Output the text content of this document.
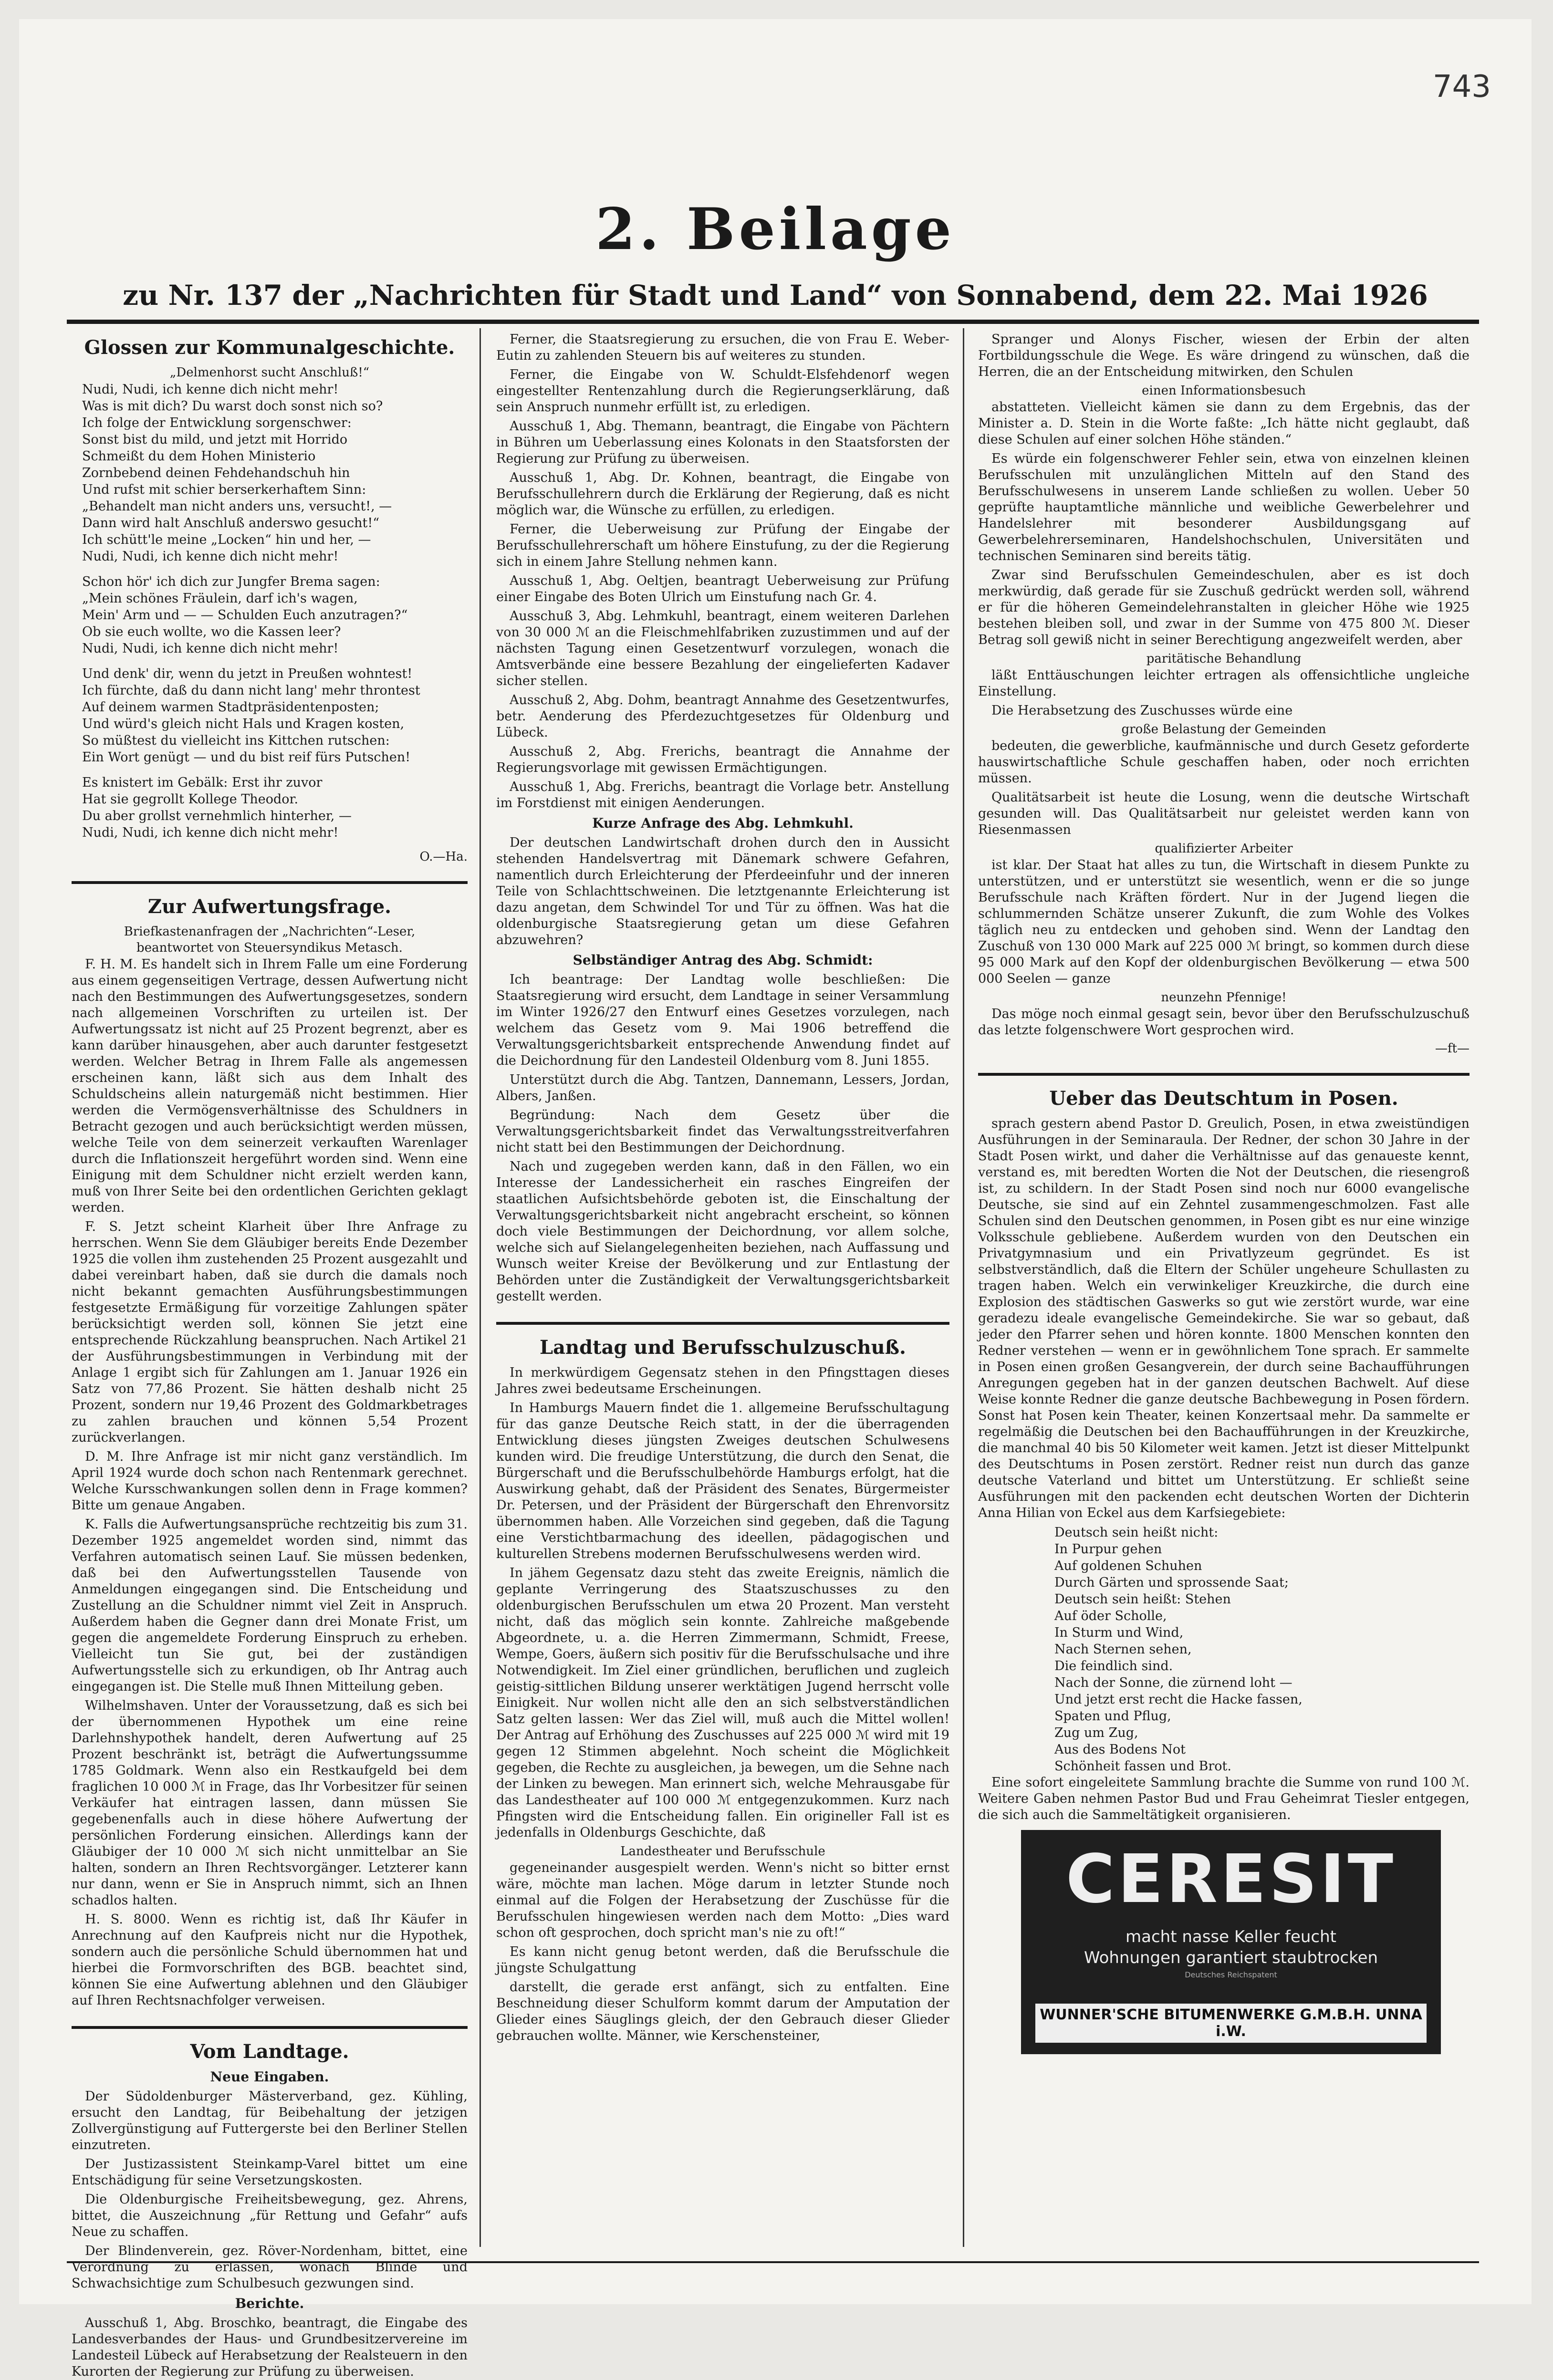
743
2. Beilage
zu Nr. 137 der „Nachrichten für Stadt und Land“ von Sonnabend, dem 22. Mai 1926
Glossen zur Kommunalgeschichte.
„Delmenhorst sucht Anschluß!“
Nudi, Nudi, ich kenne dich nicht mehr!
Was is mit dich? Du warst doch sonst nich so?
Ich folge der Entwicklung sorgenschwer:
Sonst bist du mild, und jetzt mit Horrido
Schmeißt du dem Hohen Ministerio
Zornbebend deinen Fehdehandschuh hin
Und rufst mit schier berserkerhaftem Sinn:
„Behandelt man nicht anders uns, versucht!, —
Dann wird halt Anschluß anderswo gesucht!“
Ich schütt'le meine „Locken“ hin und her, —
Nudi, Nudi, ich kenne dich nicht mehr!
Schon hör' ich dich zur Jungfer Brema sagen:
„Mein schönes Fräulein, darf ich's wagen,
Mein' Arm und — — Schulden Euch anzutragen?“
Ob sie euch wollte, wo die Kassen leer?
Nudi, Nudi, ich kenne dich nicht mehr!
Und denk' dir, wenn du jetzt in Preußen wohntest!
Ich fürchte, daß du dann nicht lang' mehr throntest
Auf deinem warmen Stadtpräsidentenposten;
Und würd's gleich nicht Hals und Kragen kosten,
So müßtest du vielleicht ins Kittchen rutschen:
Ein Wort genügt — und du bist reif fürs Putschen!
Es knistert im Gebälk: Erst ihr zuvor
Hat sie gegrollt Kollege Theodor.
Du aber grollst vernehmlich hinterher, —
Nudi, Nudi, ich kenne dich nicht mehr!
O.—Ha.
Zur Aufwertungsfrage.
Briefkastenanfragen der „Nachrichten“-Leser,
beantwortet von Steuersyndikus Metasch.

F. H. M. Es handelt sich in Ihrem Falle um eine Forderung aus einem gegenseitigen Vertrage, dessen Aufwertung nicht nach den Bestimmungen des Aufwertungsgesetzes, sondern nach allgemeinen Vorschriften zu urteilen ist. Der Aufwertungssatz ist nicht auf 25 Prozent begrenzt, aber es kann darüber hinausgehen, aber auch darunter festgesetzt werden. Welcher Betrag in Ihrem Falle als angemessen erscheinen kann, läßt sich aus dem Inhalt des Schuldscheins allein naturgemäß nicht bestimmen. Hier werden die Vermögensverhältnisse des Schuldners in Betracht gezogen und auch berücksichtigt werden müssen, welche Teile von dem seinerzeit verkauften Warenlager durch die Inflationszeit hergeführt worden sind. Wenn eine Einigung mit dem Schuldner nicht erzielt werden kann, muß von Ihrer Seite bei den ordentlichen Gerichten geklagt werden.

F. S. Jetzt scheint Klarheit über Ihre Anfrage zu herrschen. Wenn Sie dem Gläubiger bereits Ende Dezember 1925 die vollen ihm zustehenden 25 Prozent ausgezahlt und dabei vereinbart haben, daß sie durch die damals noch nicht bekannt gemachten Ausführungsbestimmungen festgesetzte Ermäßigung für vorzeitige Zahlungen später berücksichtigt werden soll, können Sie jetzt eine entsprechende Rückzahlung beanspruchen. Nach Artikel 21 der Ausführungsbestimmungen in Verbindung mit der Anlage 1 ergibt sich für Zahlungen am 1. Januar 1926 ein Satz von 77,86 Prozent. Sie hätten deshalb nicht 25 Prozent, sondern nur 19,46 Prozent des Goldmarkbetrages zu zahlen brauchen und können 5,54 Prozent zurückverlangen.

D. M. Ihre Anfrage ist mir nicht ganz verständlich. Im April 1924 wurde doch schon nach Rentenmark gerechnet. Welche Kursschwankungen sollen denn in Frage kommen? Bitte um genaue Angaben.

K. Falls die Aufwertungsansprüche rechtzeitig bis zum 31. Dezember 1925 angemeldet worden sind, nimmt das Verfahren automatisch seinen Lauf. Sie müssen bedenken, daß bei den Aufwertungsstellen Tausende von Anmeldungen eingegangen sind. Die Entscheidung und Zustellung an die Schuldner nimmt viel Zeit in Anspruch. Außerdem haben die Gegner dann drei Monate Frist, um gegen die angemeldete Forderung Einspruch zu erheben. Vielleicht tun Sie gut, bei der zuständigen Aufwertungsstelle sich zu erkundigen, ob Ihr Antrag auch eingegangen ist. Die Stelle muß Ihnen Mitteilung geben.

Wilhelmshaven. Unter der Voraussetzung, daß es sich bei der übernommenen Hypothek um eine reine Darlehnshypothek handelt, deren Aufwertung auf 25 Prozent beschränkt ist, beträgt die Aufwertungssumme 1785 Goldmark. Wenn also ein Restkaufgeld bei dem fraglichen 10 000 ℳ in Frage, das Ihr Vorbesitzer für seinen Verkäufer hat eintragen lassen, dann müssen Sie gegebenenfalls auch in diese höhere Aufwertung der persönlichen Forderung einsichen. Allerdings kann der Gläubiger der 10 000 ℳ sich nicht unmittelbar an Sie halten, sondern an Ihren Rechtsvorgänger. Letzterer kann nur dann, wenn er Sie in Anspruch nimmt, sich an Ihnen schadlos halten.

H. S. 8000. Wenn es richtig ist, daß Ihr Käufer in Anrechnung auf den Kaufpreis nicht nur die Hypothek, sondern auch die persönliche Schuld übernommen hat und hierbei die Formvorschriften des BGB. beachtet sind, können Sie eine Aufwertung ablehnen und den Gläubiger auf Ihren Rechtsnachfolger verweisen.

Vom Landtage.
Neue Eingaben.

Der Südoldenburger Mästerverband, gez. Kühling, ersucht den Landtag, für Beibehaltung der jetzigen Zollvergünstigung auf Futtergerste bei den Berliner Stellen einzutreten.

Der Justizassistent Steinkamp-Varel bittet um eine Entschädigung für seine Versetzungskosten.

Die Oldenburgische Freiheitsbewegung, gez. Ahrens, bittet, die Auszeichnung „für Rettung und Gefahr“ aufs Neue zu schaffen.

Der Blindenverein, gez. Röver-Nordenham, bittet, eine Verordnung zu erlassen, wonach Blinde und Schwachsichtige zum Schulbesuch gezwungen sind.

Berichte.

Ausschuß 1, Abg. Broschko, beantragt, die Eingabe des Landesverbandes der Haus- und Grundbesitzervereine im Landesteil Lübeck auf Herabsetzung der Realsteuern in den Kurorten der Regierung zur Prüfung zu überweisen.

Ferner, die Staatsregierung zu ersuchen, die von Frau E. Weber-Eutin zu zahlenden Steuern bis auf weiteres zu stunden.

Ferner, die Eingabe von W. Schuldt-Elsfehdenorf wegen eingestellter Rentenzahlung durch die Regierungserklärung, daß sein Anspruch nunmehr erfüllt ist, zu erledigen.

Ausschuß 1, Abg. Themann, beantragt, die Eingabe von Pächtern in Bühren um Ueberlassung eines Kolonats in den Staatsforsten der Regierung zur Prüfung zu überweisen.

Ausschuß 1, Abg. Dr. Kohnen, beantragt, die Eingabe von Berufsschullehrern durch die Erklärung der Regierung, daß es nicht möglich war, die Wünsche zu erfüllen, zu erledigen.

Ferner, die Ueberweisung zur Prüfung der Eingabe der Berufsschullehrerschaft um höhere Einstufung, zu der die Regierung sich in einem Jahre Stellung nehmen kann.

Ausschuß 1, Abg. Oeltjen, beantragt Ueberweisung zur Prüfung einer Eingabe des Boten Ulrich um Einstufung nach Gr. 4.

Ausschuß 3, Abg. Lehmkuhl, beantragt, einem weiteren Darlehen von 30 000 ℳ an die Fleischmehlfabriken zuzustimmen und auf der nächsten Tagung einen Gesetzentwurf vorzulegen, wonach die Amtsverbände eine bessere Bezahlung der eingelieferten Kadaver sicher stellen.

Ausschuß 2, Abg. Dohm, beantragt Annahme des Gesetzentwurfes, betr. Aenderung des Pferdezuchtgesetzes für Oldenburg und Lübeck.

Ausschuß 2, Abg. Frerichs, beantragt die Annahme der Regierungsvorlage mit gewissen Ermächtigungen.

Ausschuß 1, Abg. Frerichs, beantragt die Vorlage betr. Anstellung im Forstdienst mit einigen Aenderungen.

Kurze Anfrage des Abg. Lehmkuhl.

Der deutschen Landwirtschaft drohen durch den in Aussicht stehenden Handelsvertrag mit Dänemark schwere Gefahren, namentlich durch Erleichterung der Pferdeeinfuhr und der inneren Teile von Schlachttschweinen. Die letztgenannte Erleichterung ist dazu angetan, dem Schwindel Tor und Tür zu öffnen. Was hat die oldenburgische Staatsregierung getan um diese Gefahren abzuwehren?

Selbständiger Antrag des Abg. Schmidt:

Ich beantrage: Der Landtag wolle beschließen: Die Staatsregierung wird ersucht, dem Landtage in seiner Versammlung im Winter 1926/27 den Entwurf eines Gesetzes vorzulegen, nach welchem das Gesetz vom 9. Mai 1906 betreffend die Verwaltungsgerichtsbarkeit entsprechende Anwendung findet auf die Deichordnung für den Landesteil Oldenburg vom 8. Juni 1855.

Unterstützt durch die Abg. Tantzen, Dannemann, Lessers, Jordan, Albers, Janßen.

Begründung: Nach dem Gesetz über die Verwaltungsgerichtsbarkeit findet das Verwaltungsstreitverfahren nicht statt bei den Bestimmungen der Deichordnung.

Nach und zugegeben werden kann, daß in den Fällen, wo ein Interesse der Landessicherheit ein rasches Eingreifen der staatlichen Aufsichtsbehörde geboten ist, die Einschaltung der Verwaltungsgerichtsbarkeit nicht angebracht erscheint, so können doch viele Bestimmungen der Deichordnung, vor allem solche, welche sich auf Sielangelegenheiten beziehen, nach Auffassung und Wunsch weiter Kreise der Bevölkerung und zur Entlastung der Behörden unter die Zuständigkeit der Verwaltungsgerichtsbarkeit gestellt werden.

Landtag und Berufsschulzuschuß.

In merkwürdigem Gegensatz stehen in den Pfingsttagen dieses Jahres zwei bedeutsame Erscheinungen.

In Hamburgs Mauern findet die 1. allgemeine Berufsschultagung für das ganze Deutsche Reich statt, in der die überragenden Entwicklung dieses jüngsten Zweiges deutschen Schulwesens kunden wird. Die freudige Unterstützung, die durch den Senat, die Bürgerschaft und die Berufsschulbehörde Hamburgs erfolgt, hat die Auswirkung gehabt, daß der Präsident des Senates, Bürgermeister Dr. Petersen, und der Präsident der Bürgerschaft den Ehrenvorsitz übernommen haben. Alle Vorzeichen sind gegeben, daß die Tagung eine Verstichtbarmachung des ideellen, pädagogischen und kulturellen Strebens modernen Berufsschulwesens werden wird.

In jähem Gegensatz dazu steht das zweite Ereignis, nämlich die geplante Verringerung des Staatszuschusses zu den oldenburgischen Berufsschulen um etwa 20 Prozent. Man versteht nicht, daß das möglich sein konnte. Zahlreiche maßgebende Abgeordnete, u. a. die Herren Zimmermann, Schmidt, Freese, Wempe, Goers, äußern sich positiv für die Berufsschulsache und ihre Notwendigkeit. Im Ziel einer gründlichen, beruflichen und zugleich geistig-sittlichen Bildung unserer werktätigen Jugend herrscht volle Einigkeit. Nur wollen nicht alle den an sich selbstverständlichen Satz gelten lassen: Wer das Ziel will, muß auch die Mittel wollen! Der Antrag auf Erhöhung des Zuschusses auf 225 000 ℳ wird mit 19 gegen 12 Stimmen abgelehnt. Noch scheint die Möglichkeit gegeben, die Rechte zu ausgleichen, ja bewegen, um die Sehne nach der Linken zu bewegen. Man erinnert sich, welche Mehrausgabe für das Landestheater auf 100 000 ℳ entgegenzukommen. Kurz nach Pfingsten wird die Entscheidung fallen. Ein origineller Fall ist es jedenfalls in Oldenburgs Geschichte, daß

Landestheater und Berufsschule

gegeneinander ausgespielt werden. Wenn's nicht so bitter ernst wäre, möchte man lachen. Möge darum in letzter Stunde noch einmal auf die Folgen der Herabsetzung der Zuschüsse für die Berufsschulen hingewiesen werden nach dem Motto: „Dies ward schon oft gesprochen, doch spricht man's nie zu oft!“

Es kann nicht genug betont werden, daß die Berufsschule die jüngste Schulgattung

darstellt, die gerade erst anfängt, sich zu entfalten. Eine Beschneidung dieser Schulform kommt darum der Amputation der Glieder eines Säuglings gleich, der den Gebrauch dieser Glieder gebrauchen wollte. Männer, wie Kerschensteiner,

Spranger und Alonys Fischer, wiesen der Erbin der alten Fortbildungsschule die Wege. Es wäre dringend zu wünschen, daß die Herren, die an der Entscheidung mitwirken, den Schulen

einen Informationsbesuch

abstatteten. Vielleicht kämen sie dann zu dem Ergebnis, das der Minister a. D. Stein in die Worte faßte: „Ich hätte nicht geglaubt, daß diese Schulen auf einer solchen Höhe ständen.“

Es würde ein folgenschwerer Fehler sein, etwa von einzelnen kleinen Berufsschulen mit unzulänglichen Mitteln auf den Stand des Berufsschulwesens in unserem Lande schließen zu wollen. Ueber 50 geprüfte hauptamtliche männliche und weibliche Gewerbelehrer und Handelslehrer mit besonderer Ausbildungsgang auf Gewerbelehrerseminaren, Handelshochschulen, Universitäten und technischen Seminaren sind bereits tätig.

Zwar sind Berufsschulen Gemeindeschulen, aber es ist doch merkwürdig, daß gerade für sie Zuschuß gedrückt werden soll, während er für die höheren Gemeindelehranstalten in gleicher Höhe wie 1925 bestehen bleiben soll, und zwar in der Summe von 475 800 ℳ. Dieser Betrag soll gewiß nicht in seiner Berechtigung angezweifelt werden, aber

paritätische Behandlung

läßt Enttäuschungen leichter ertragen als offensichtliche ungleiche Einstellung.

Die Herabsetzung des Zuschusses würde eine

große Belastung der Gemeinden

bedeuten, die gewerbliche, kaufmännische und durch Gesetz geforderte hauswirtschaftliche Schule geschaffen haben, oder noch errichten müssen.

Qualitätsarbeit ist heute die Losung, wenn die deutsche Wirtschaft gesunden will. Das Qualitätsarbeit nur geleistet werden kann von Riesenmassen

qualifizierter Arbeiter

ist klar. Der Staat hat alles zu tun, die Wirtschaft in diesem Punkte zu unterstützen, und er unterstützt sie wesentlich, wenn er die so junge Berufsschule nach Kräften fördert. Nur in der Jugend liegen die schlummernden Schätze unserer Zukunft, die zum Wohle des Volkes täglich neu zu entdecken und gehoben sind. Wenn der Landtag den Zuschuß von 130 000 Mark auf 225 000 ℳ bringt, so kommen durch diese 95 000 Mark auf den Kopf der oldenburgischen Bevölkerung — etwa 500 000 Seelen — ganze

neunzehn Pfennige!

Das möge noch einmal gesagt sein, bevor über den Berufsschulzuschuß das letzte folgenschwere Wort gesprochen wird.

—ft—
Ueber das Deutschtum in Posen.

sprach gestern abend Pastor D. Greulich, Posen, in etwa zweistündigen Ausführungen in der Seminaraula. Der Redner, der schon 30 Jahre in der Stadt Posen wirkt, und daher die Verhältnisse auf das genaueste kennt, verstand es, mit beredten Worten die Not der Deutschen, die riesengroß ist, zu schildern. In der Stadt Posen sind noch nur 6000 evangelische Deutsche, sie sind auf ein Zehntel zusammengeschmolzen. Fast alle Schulen sind den Deutschen genommen, in Posen gibt es nur eine winzige Volksschule gebliebene. Außerdem wurden von den Deutschen ein Privatgymnasium und ein Privatlyzeum gegründet. Es ist selbstverständlich, daß die Eltern der Schüler ungeheure Schullasten zu tragen haben. Welch ein verwinkeliger Kreuzkirche, die durch eine Explosion des städtischen Gaswerks so gut wie zerstört wurde, war eine geradezu ideale evangelische Gemeindekirche. Sie war so gebaut, daß jeder den Pfarrer sehen und hören konnte. 1800 Menschen konnten den Redner verstehen — wenn er in gewöhnlichem Tone sprach. Er sammelte in Posen einen großen Gesangverein, der durch seine Bachaufführungen Anregungen gegeben hat in der ganzen deutschen Bachwelt. Auf diese Weise konnte Redner die ganze deutsche Bachbewegung in Posen fördern. Sonst hat Posen kein Theater, keinen Konzertsaal mehr. Da sammelte er regelmäßig die Deutschen bei den Bachaufführungen in der Kreuzkirche, die manchmal 40 bis 50 Kilometer weit kamen. Jetzt ist dieser Mittelpunkt des Deutschtums in Posen zerstört. Redner reist nun durch das ganze deutsche Vaterland und bittet um Unterstützung. Er schließt seine Ausführungen mit den packenden echt deutschen Worten der Dichterin Anna Hilian von Eckel aus dem Karfsiegebiete:

Deutsch sein heißt nicht:
In Purpur gehen
Auf goldenen Schuhen
Durch Gärten und sprossende Saat;
Deutsch sein heißt: Stehen
Auf öder Scholle,
In Sturm und Wind,
Nach Sternen sehen,
Die feindlich sind.
Nach der Sonne, die zürnend loht —
Und jetzt erst recht die Hacke fassen,
Spaten und Pflug,
Zug um Zug,
Aus des Bodens Not
Schönheit fassen und Brot.

Eine sofort eingeleitete Sammlung brachte die Summe von rund 100 ℳ. Weitere Gaben nehmen Pastor Bud und Frau Geheimrat Tiesler entgegen, die sich auch die Sammeltätigkeit organisieren.

CERESIT
macht nasse Keller feucht
Wohnungen garantiert staubtrocken
Deutsches Reichspatent
WUNNER'SCHE BITUMENWERKE G.M.B.H. UNNA i.W.
